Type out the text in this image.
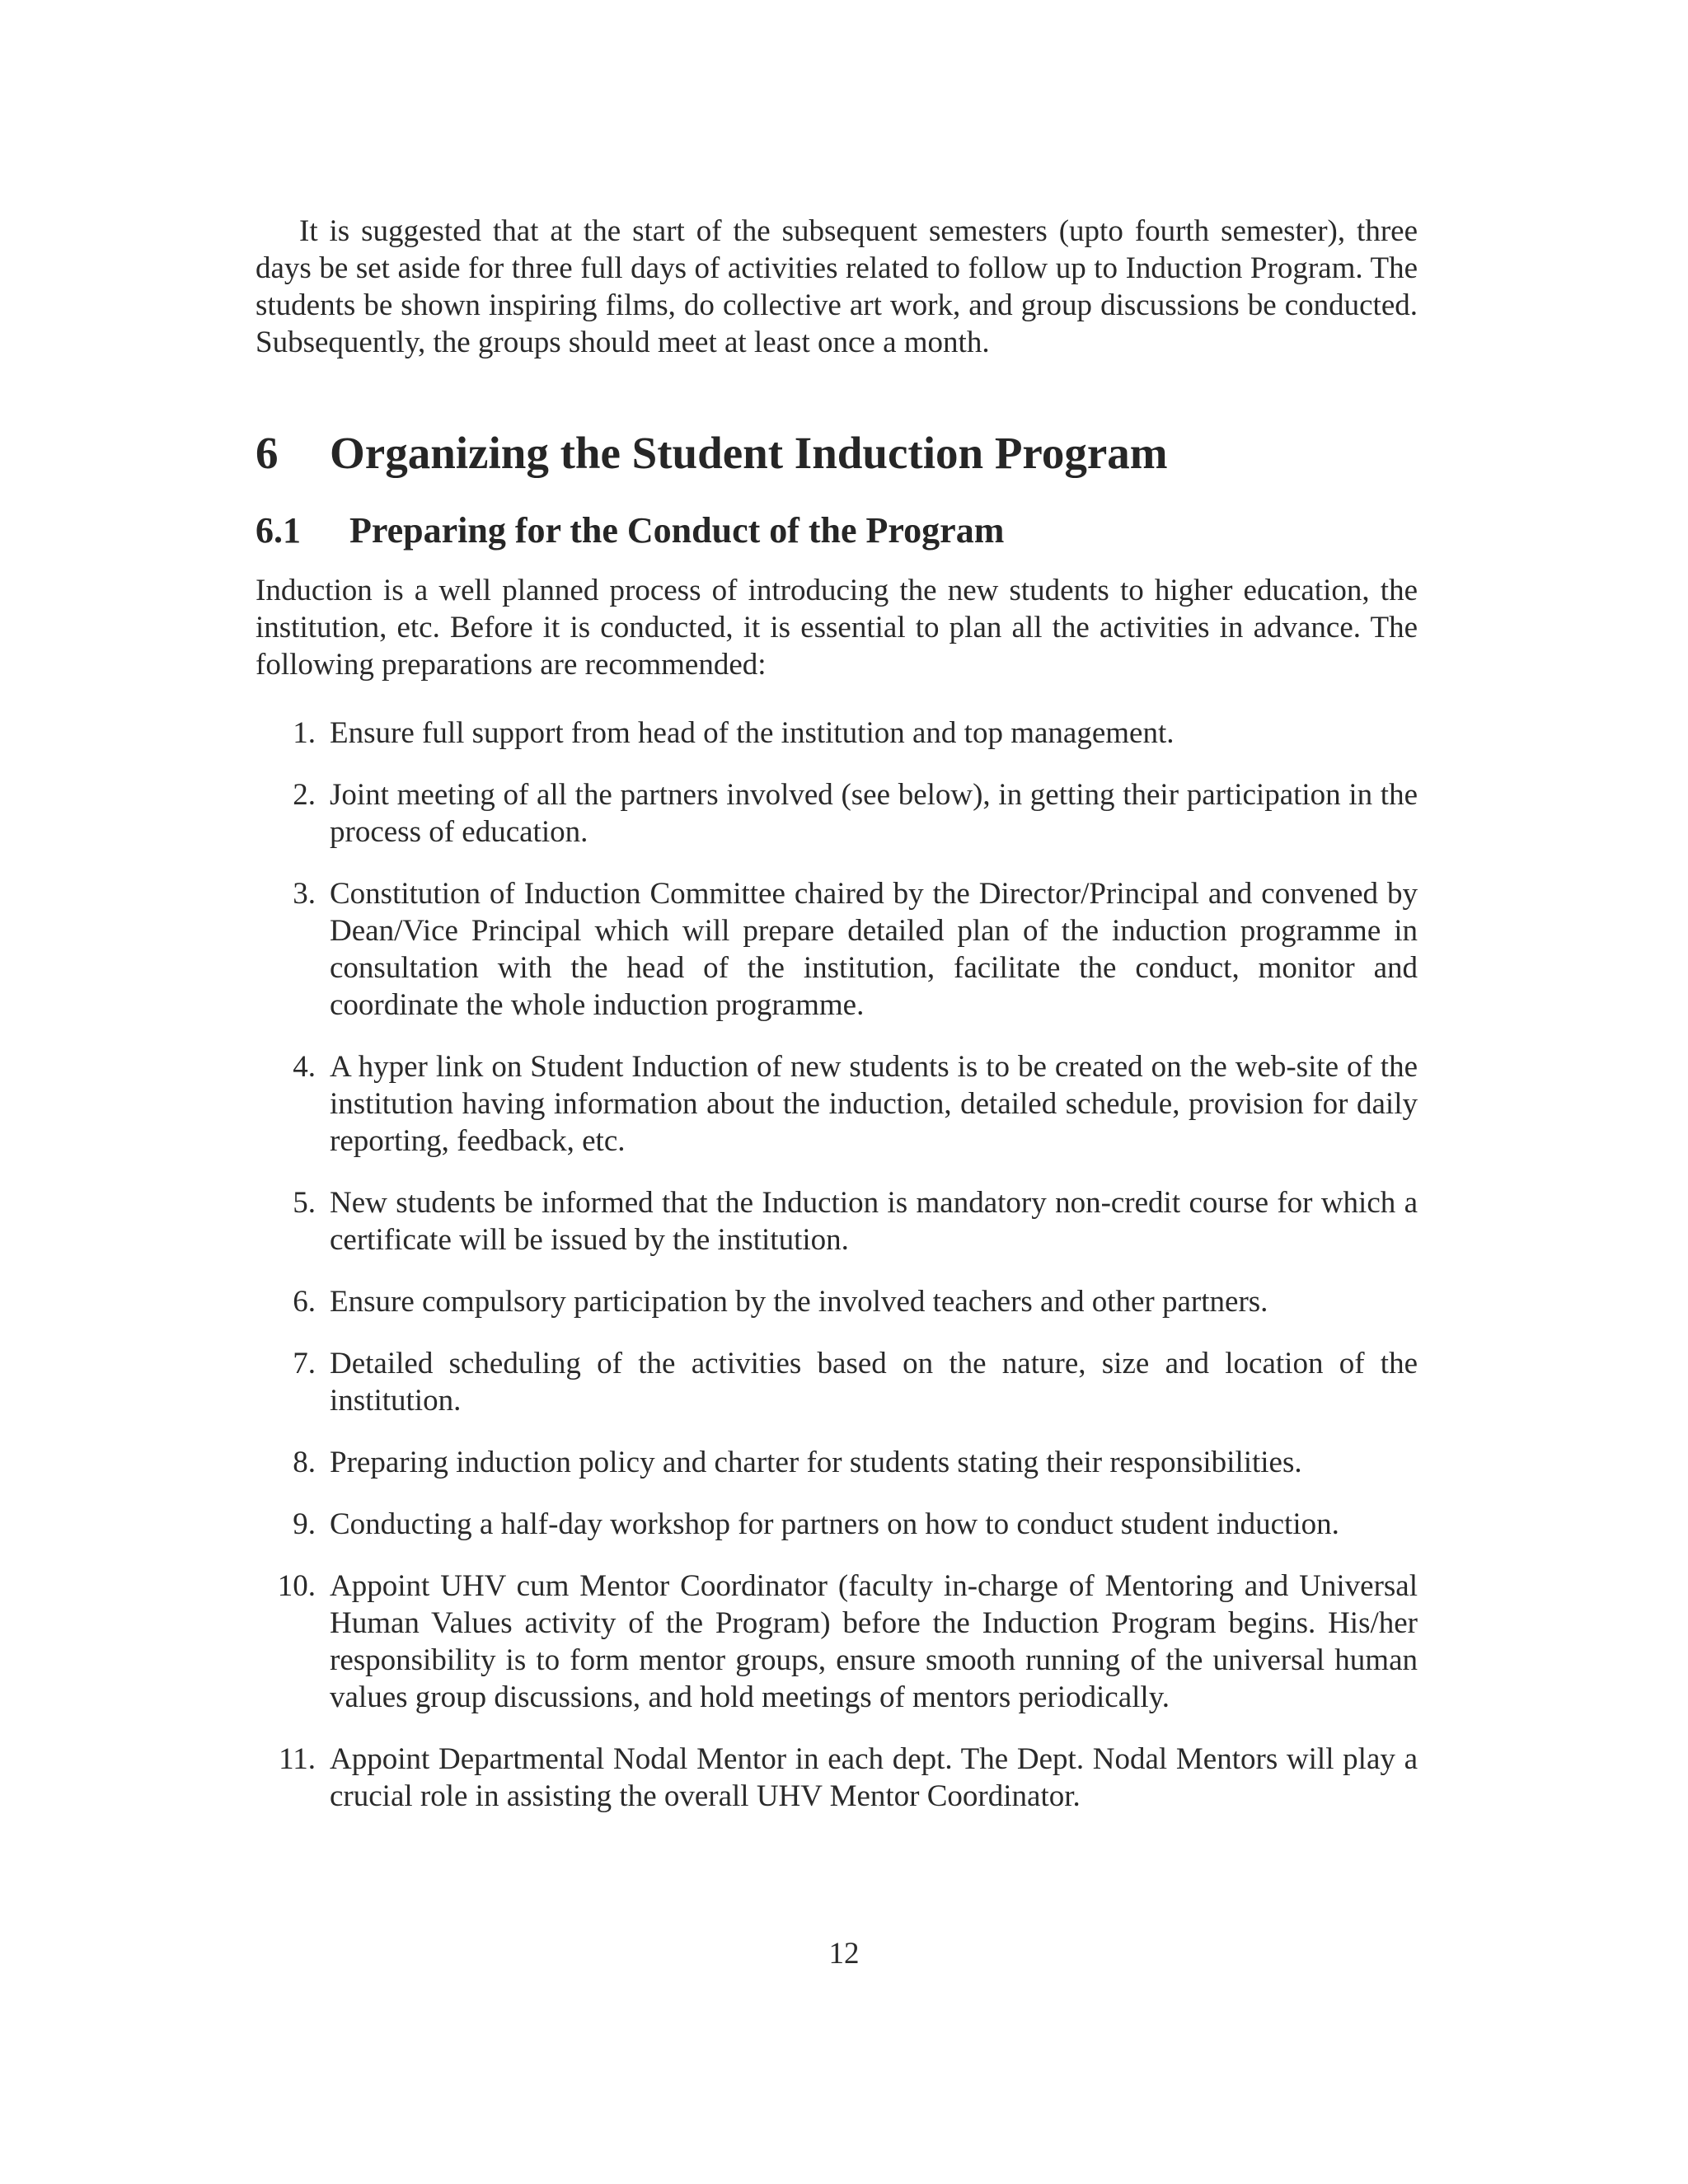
It is suggested that at the start of the subsequent semesters (upto fourth semester), three days be set aside for three full days of activities related to follow up to Induction Program. The students be shown inspiring films, do collective art work, and group discussions be conducted. Subsequently, the groups should meet at least once a month.

6	Organizing the Student Induction Program
6.1	Preparing for the Conduct of the Program

Induction is a well planned process of introducing the new students to higher education, the institution, etc. Before it is conducted, it is essential to plan all the activities in advance. The following preparations are recommended:

1. Ensure full support from head of the institution and top management.
2. Joint meeting of all the partners involved (see below), in getting their participation in the process of education.
3. Constitution of Induction Committee chaired by the Director/Principal and convened by Dean/Vice Principal which will prepare detailed plan of the induction programme in consultation with the head of the institution, facilitate the conduct, monitor and coordinate the whole induction programme.
4. A hyper link on Student Induction of new students is to be created on the web-site of the institution having information about the induction, detailed schedule, provision for daily reporting, feedback, etc.
5. New students be informed that the Induction is mandatory non-credit course for which a certificate will be issued by the institution.
6. Ensure compulsory participation by the involved teachers and other partners.
7. Detailed scheduling of the activities based on the nature, size and location of the institution.
8. Preparing induction policy and charter for students stating their responsibilities.
9. Conducting a half-day workshop for partners on how to conduct student induction.
10. Appoint UHV cum Mentor Coordinator (faculty in-charge of Mentoring and Universal Human Values activity of the Program) before the Induction Program begins. His/her responsibility is to form mentor groups, ensure smooth running of the universal human values group discussions, and hold meetings of mentors periodically.
11. Appoint Departmental Nodal Mentor in each dept. The Dept. Nodal Mentors will play a crucial role in assisting the overall UHV Mentor Coordinator.
12
